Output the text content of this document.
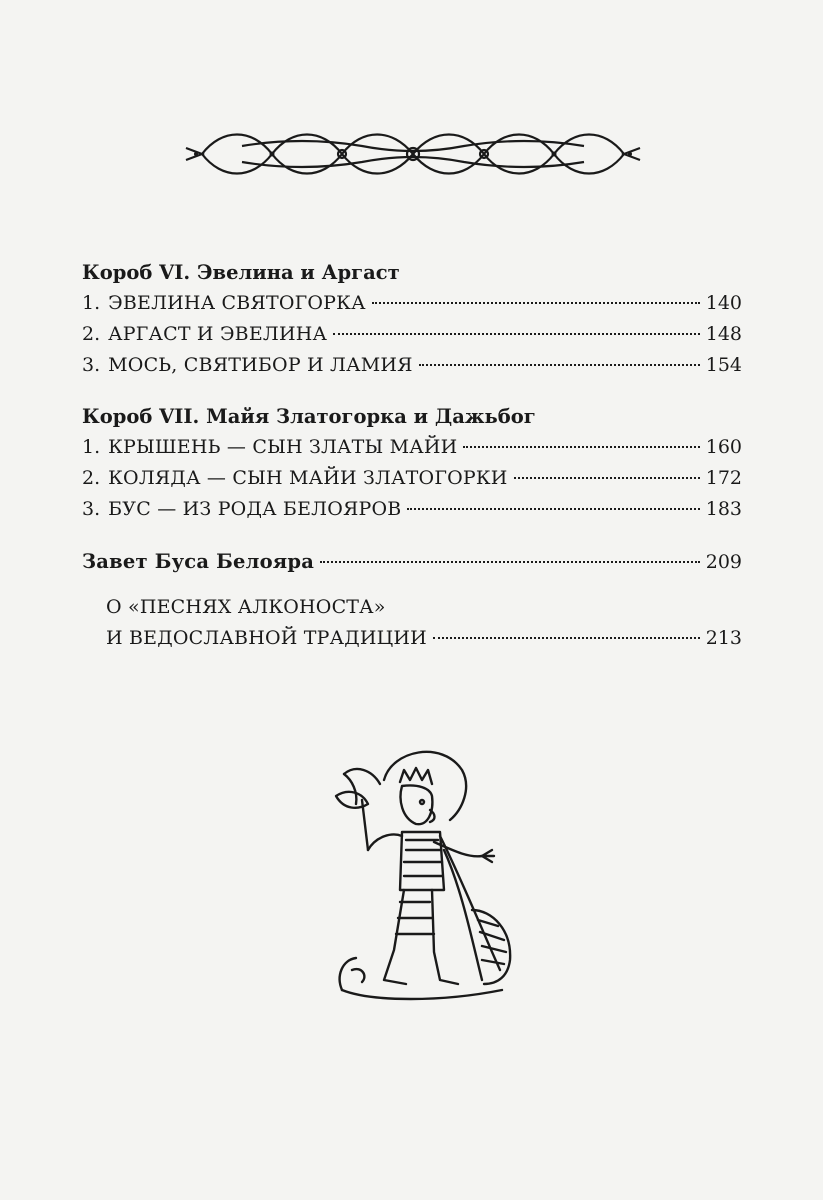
Короб VI. Эвелина и Аргаст

1. ЭВЕЛИНА СВЯТОГОРКА	140
2. АРГАСТ И ЭВЕЛИНА	148
3. МОСЬ, СВЯТИБОР И ЛАМИЯ	154

Короб VII. Майя Златогорка и Дажьбог

1. КРЫШЕНЬ — СЫН ЗЛАТЫ МАЙИ	160
2. КОЛЯДА — СЫН МАЙИ ЗЛАТОГОРКИ	172
3. БУС — ИЗ РОДА БЕЛОЯРОВ	183
Завет Буса Белояра	209
О «ПЕСНЯХ АЛКОНОСТА»
И ВЕДОСЛАВНОЙ ТРАДИЦИИ	213
